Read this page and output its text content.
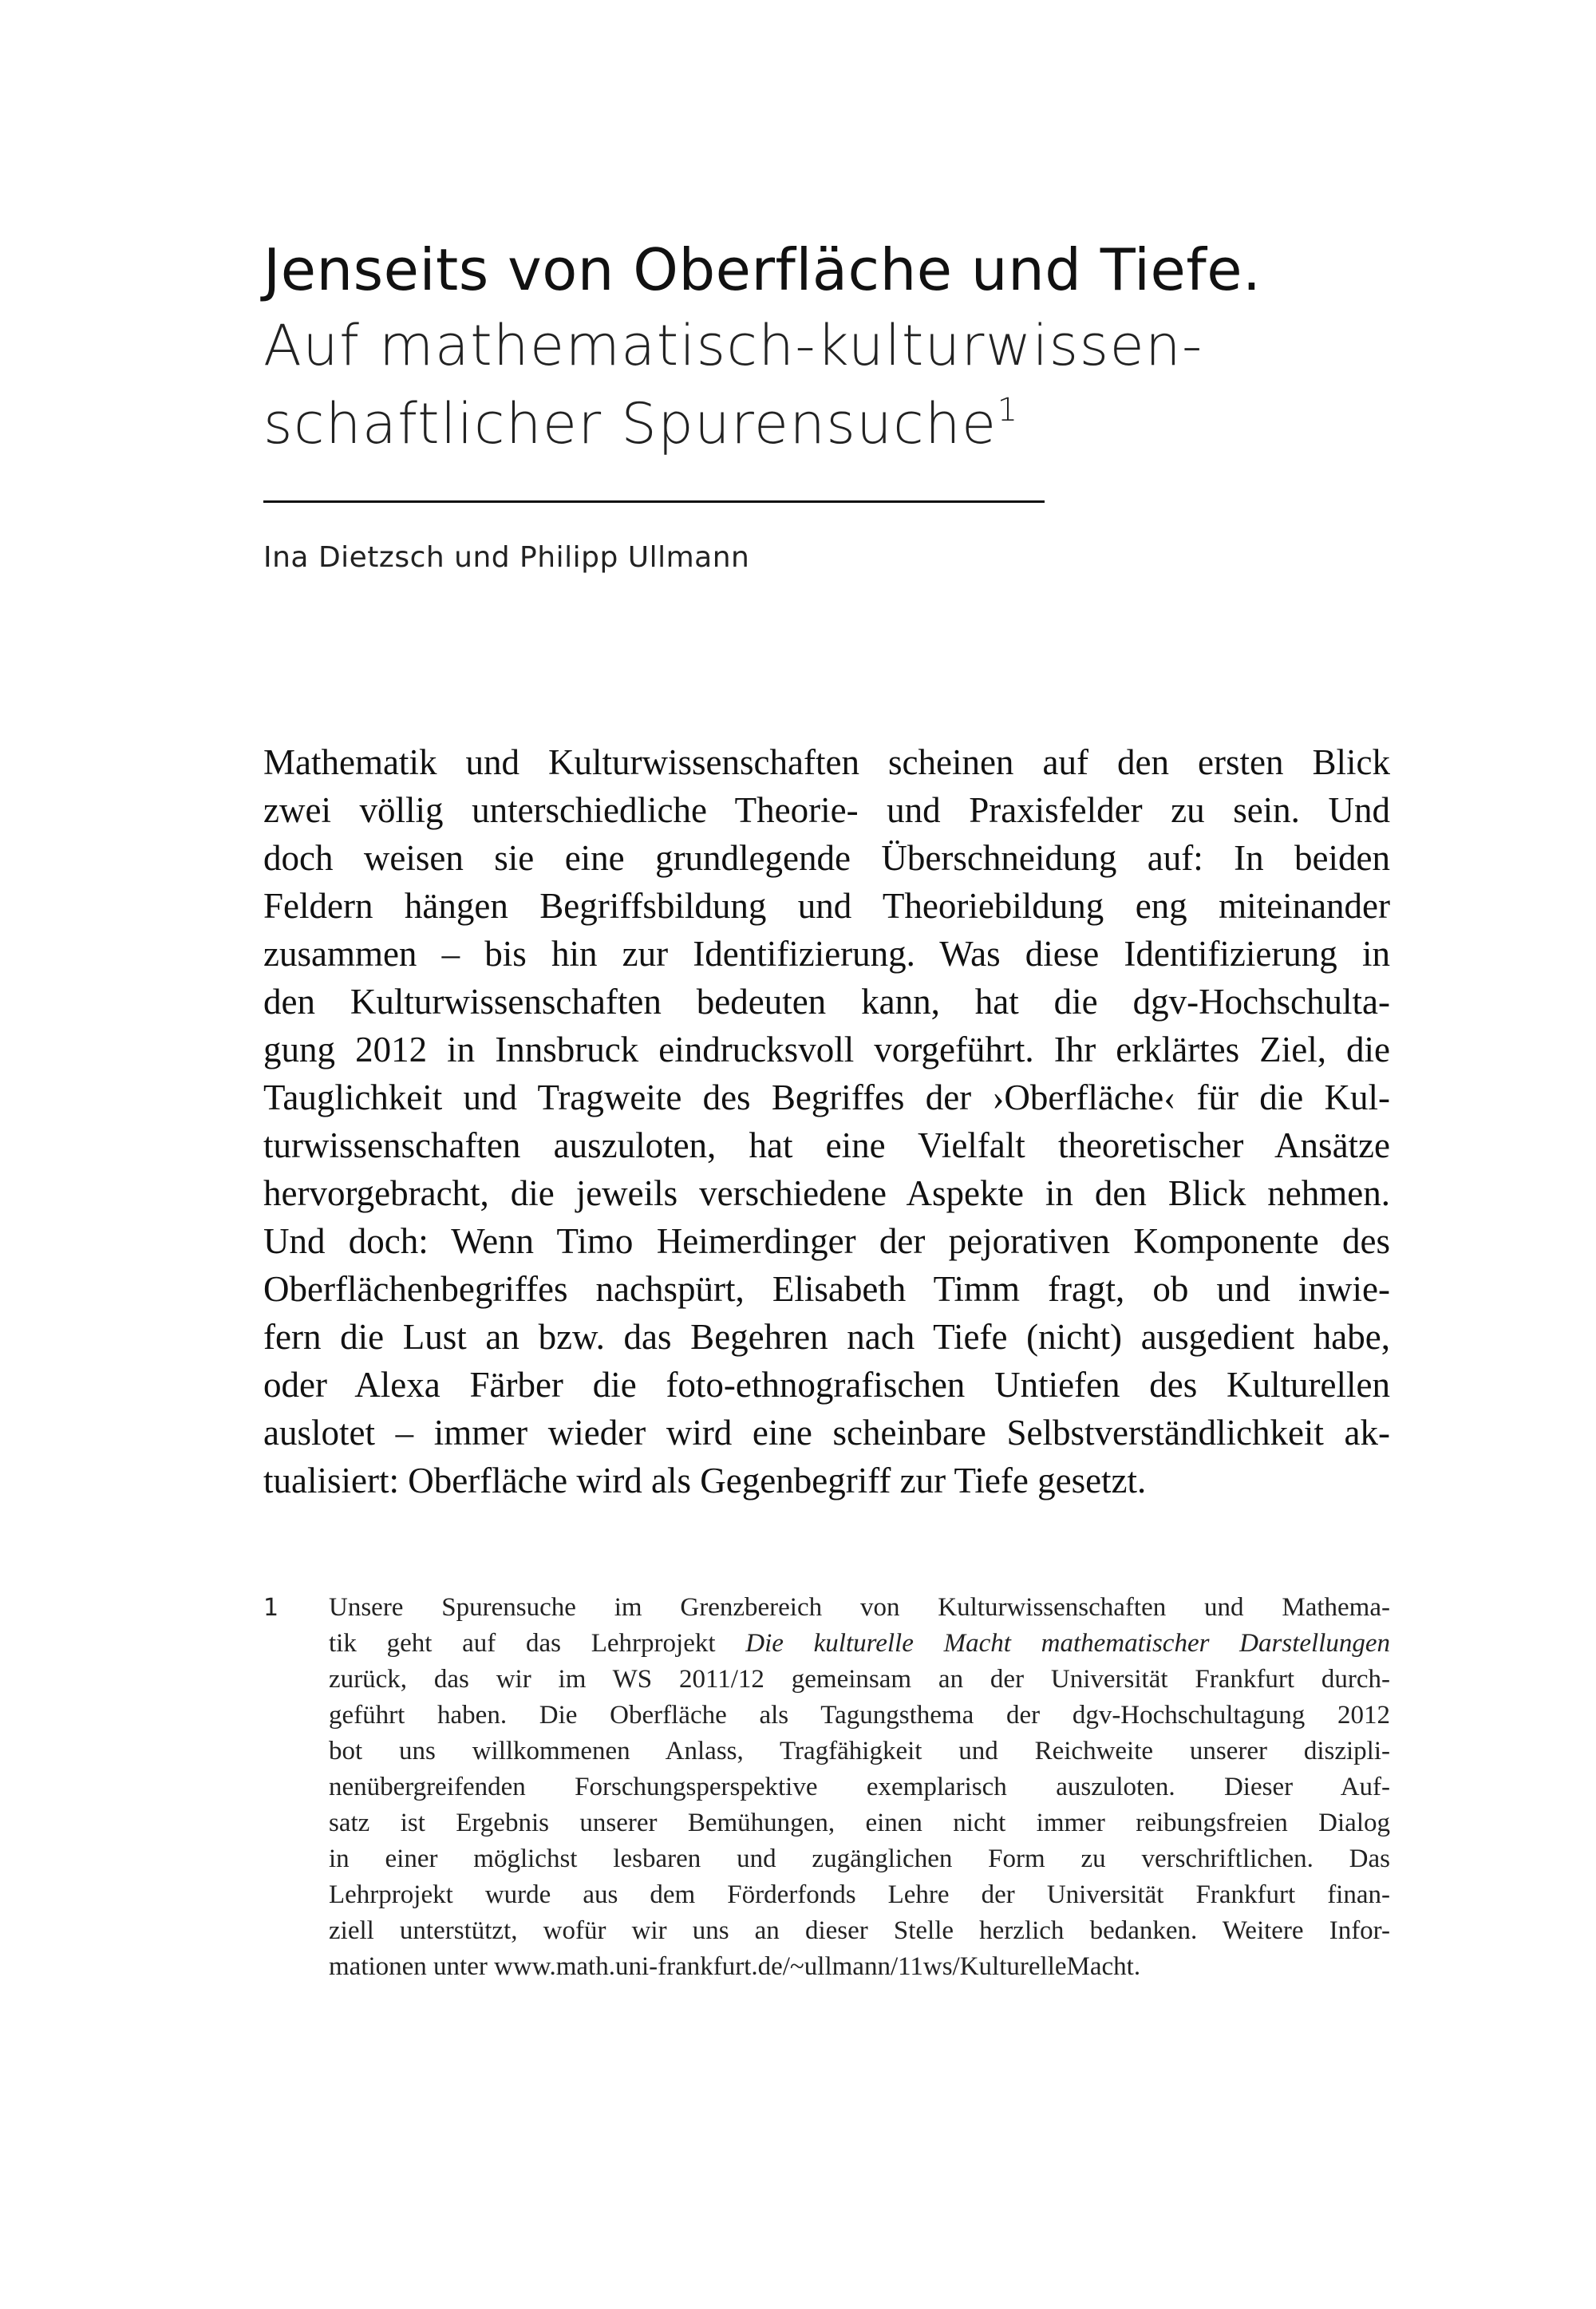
Jenseits von Oberfläche und Tiefe.
Auf mathematisch-kulturwissen-
schaftlicher Spurensuche$^1$
Ina Dietzsch und Philipp Ullmann
Mathematik und Kulturwissenschaften scheinen auf den ersten Blick
zwei völlig unterschiedliche Theorie- und Praxisfelder zu sein. Und
doch weisen sie eine grundlegende Überschneidung auf: In beiden
Feldern hängen Begriffsbildung und Theoriebildung eng miteinander
zusammen – bis hin zur Identifizierung. Was diese Identifizierung in
den Kulturwissenschaften bedeuten kann, hat die dgv-Hochschulta-
gung 2012 in Innsbruck eindrucksvoll vorgeführt. Ihr erklärtes Ziel, die
Tauglichkeit und Tragweite des Begriffes der ›Oberfläche‹ für die Kul-
turwissenschaften auszuloten, hat eine Vielfalt theoretischer Ansätze
hervorgebracht, die jeweils verschiedene Aspekte in den Blick nehmen.
Und doch: Wenn Timo Heimerdinger der pejorativen Komponente des
Oberflächenbegriffes nachspürt, Elisabeth Timm fragt, ob und inwie-
fern die Lust an bzw. das Begehren nach Tiefe (nicht) ausgedient habe,
oder Alexa Färber die foto-ethnografischen Untiefen des Kulturellen
auslotet – immer wieder wird eine scheinbare Selbstverständlichkeit ak-
tualisiert: Oberfläche wird als Gegenbegriff zur Tiefe gesetzt.
1 Unsere Spurensuche im Grenzbereich von Kulturwissenschaften und Mathema-
tik geht auf das Lehrprojekt Die kulturelle Macht mathematischer Darstellungen
zurück, das wir im WS 2011/12 gemeinsam an der Universität Frankfurt durch-
geführt haben. Die Oberfläche als Tagungsthema der dgv-Hochschultagung 2012
bot uns willkommenen Anlass, Tragfähigkeit und Reichweite unserer diszipli-
nenübergreifenden Forschungsperspektive exemplarisch auszuloten. Dieser Auf-
satz ist Ergebnis unserer Bemühungen, einen nicht immer reibungsfreien Dialog
in einer möglichst lesbaren und zugänglichen Form zu verschriftlichen. Das
Lehrprojekt wurde aus dem Förderfonds Lehre der Universität Frankfurt finan-
ziell unterstützt, wofür wir uns an dieser Stelle herzlich bedanken. Weitere Infor-
mationen unter www.math.uni-frankfurt.de/~ullmann/11ws/KulturelleMacht.
